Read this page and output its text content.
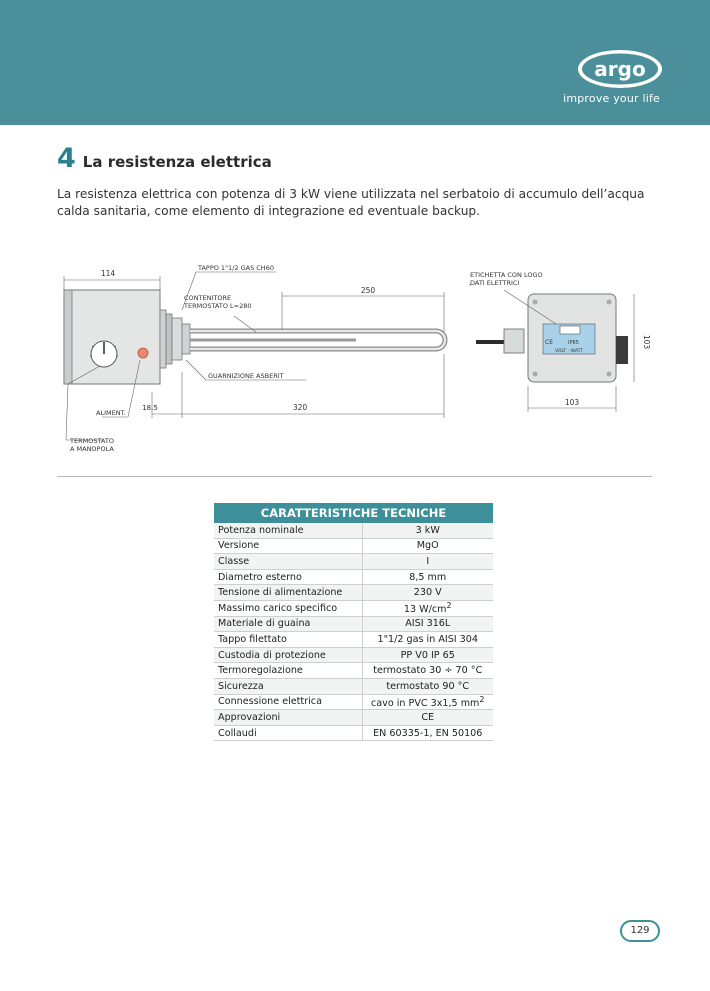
argo
improve your life
4 La resistenza elettrica
La resistenza elettrica con potenza di 3 kW viene utilizzata nel serbatoio di accumulo dell’acqua calda sanitaria, come elemento di integrazione ed eventuale backup.
114
TAPPO 1"1/2 GAS CH60
CONTENITORE
TERMOSTATO L=280
250
GUARNIZIONE ASBERIT
ALIMENT.
18.5	320
TERMOSTATO
A MANOPOLA
CE	IP65
VOLT - WATT
ETICHETTA CON LOGO
DATI ELETTRICI
103
103
CARATTERISTICHE TECNICHE	
Potenza nominale	3 kW
Versione	MgO
Classe	I
Diametro esterno	8,5 mm
Tensione di alimentazione	230 V
Massimo carico specifico	13 $W/cm^2$
Materiale di guaina	AISI 316L
Tappo filettato	1"1/2 gas in AISI 304
Custodia di protezione	PP V0 IP 65
Termoregolazione	termostato 30 ÷ 70 °C
Sicurezza	termostato 90 °C
Connessione elettrica	cavo in PVC 3x1,5 $mm^2$
Approvazioni	CE
Collaudi	EN 60335-1, EN 50106
129
